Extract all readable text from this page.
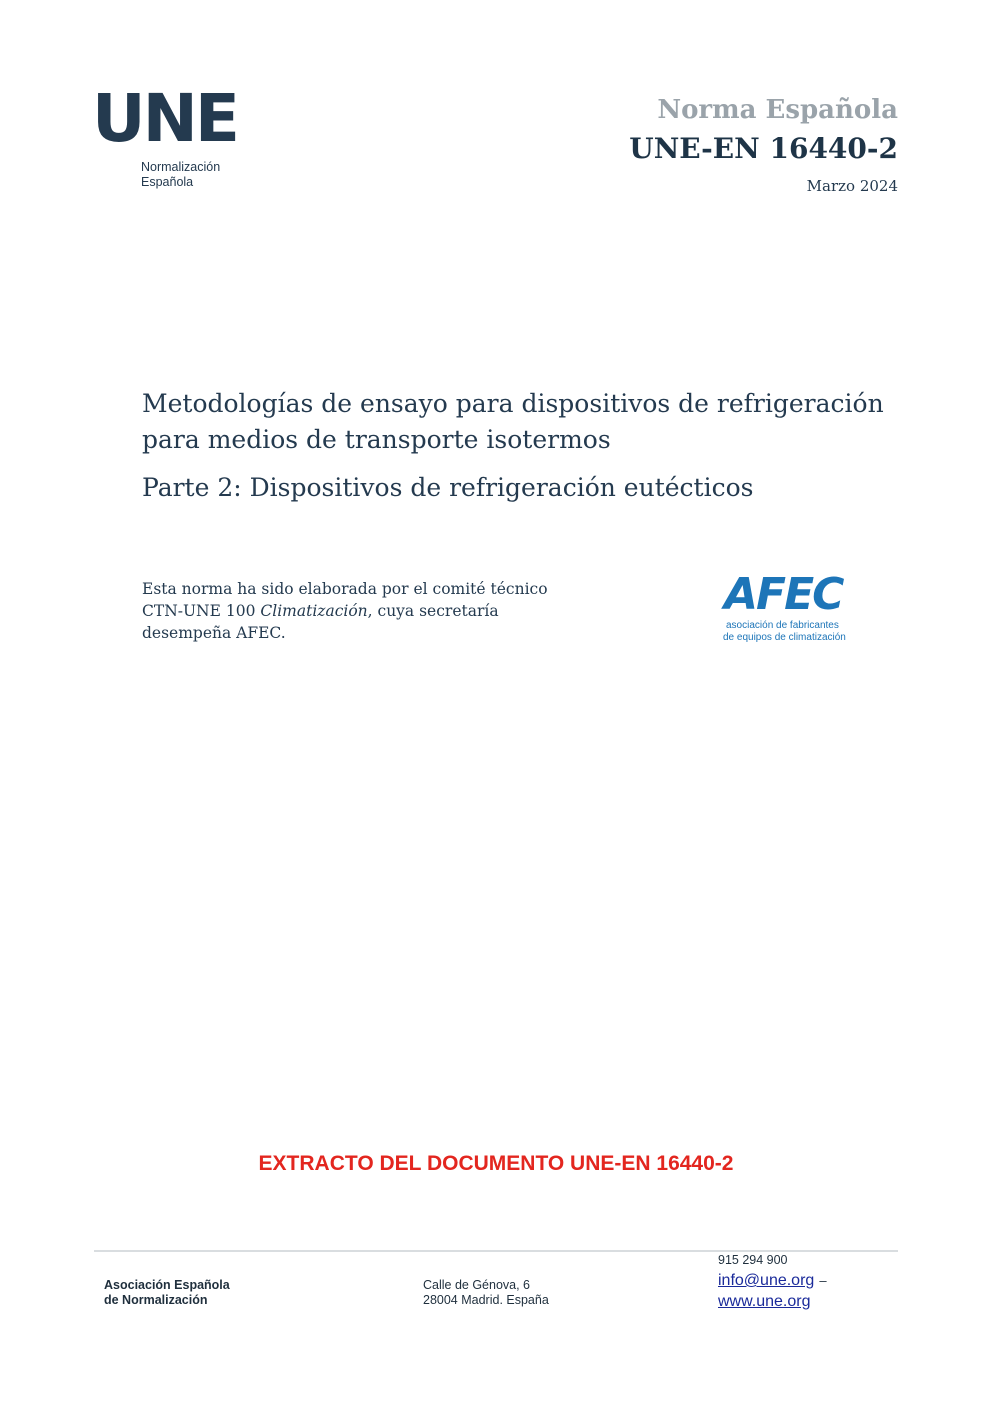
UNE
Normalización
Española
Norma Española
UNE-EN 16440-2
Marzo 2024
Metodologías de ensayo para dispositivos de refrigeración
para medios de transporte isotermos
Parte 2: Dispositivos de refrigeración eutécticos
Esta norma ha sido elaborada por el comité técnico
CTN-UNE 100 Climatización, cuya secretaría
desempeña AFEC.
AFEC
asociación de fabricantes
de equipos de climatización
EXTRACTO DEL DOCUMENTO UNE-EN 16440-2
Asociación Española
de Normalización
Calle de Génova, 6
28004 Madrid. España
915 294 900
info@une.org –
www.une.org
